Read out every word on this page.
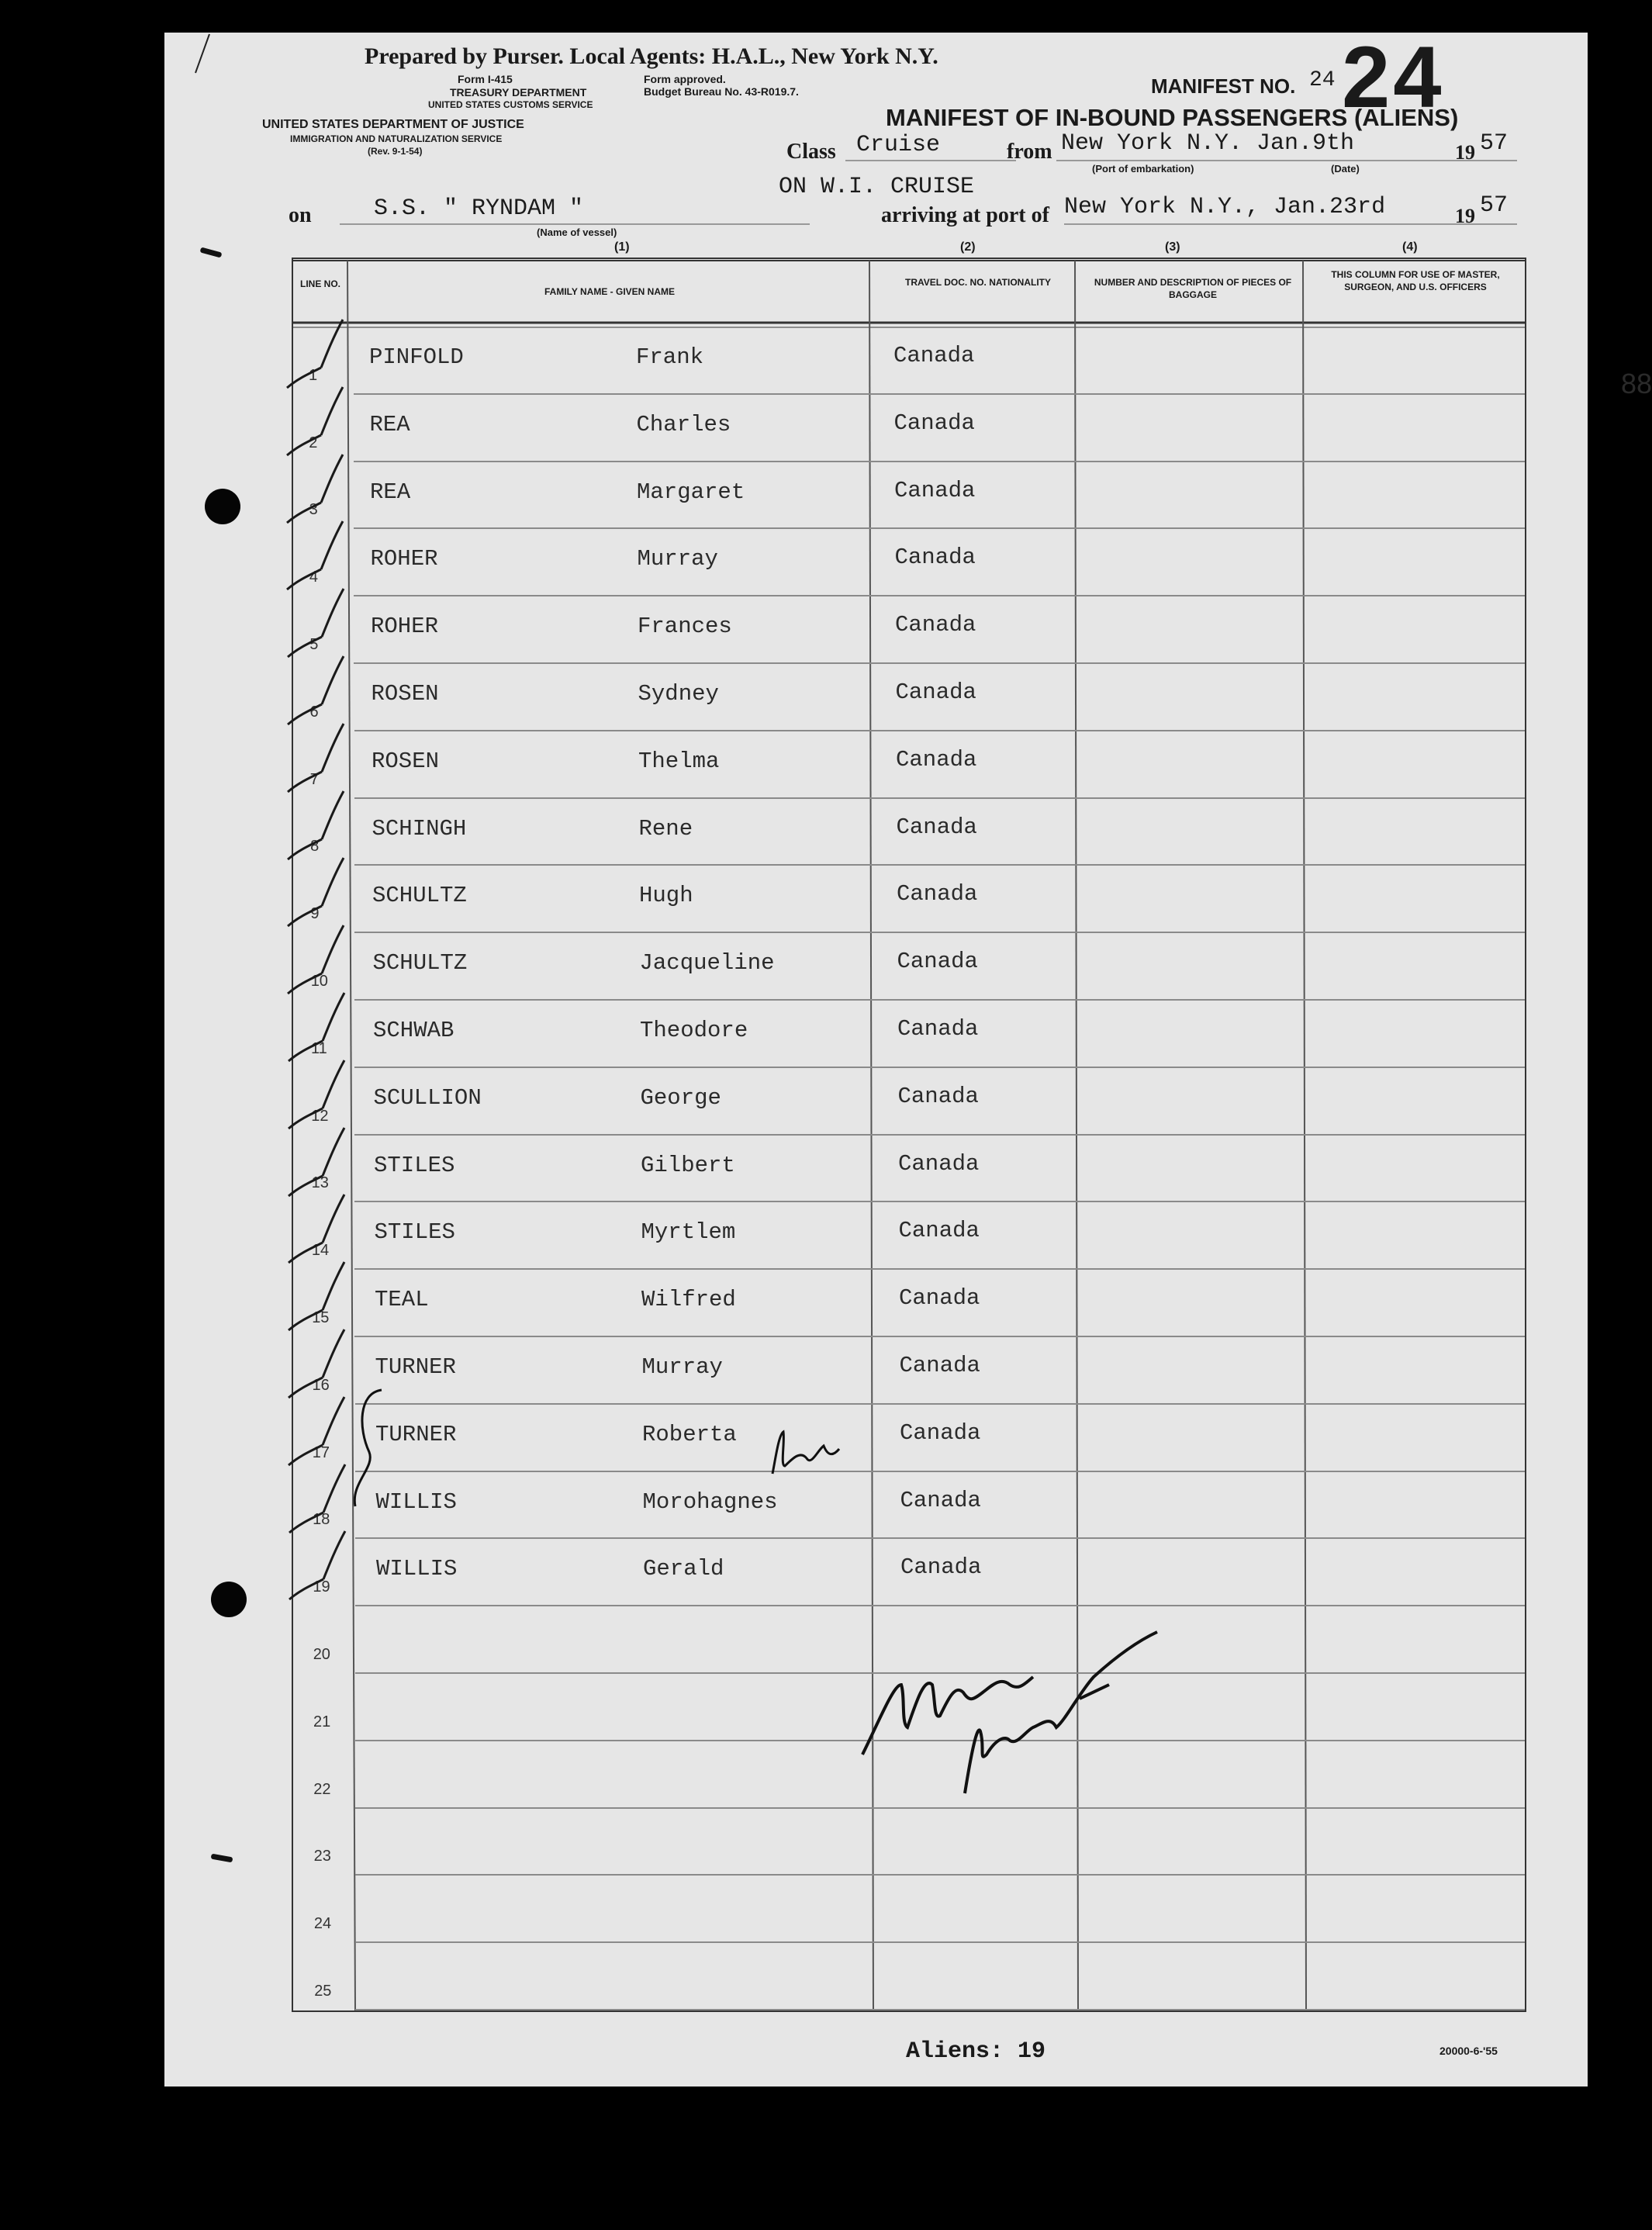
Prepared by Purser. Local Agents: H.A.L., New York N.Y.
Form I-415
TREASURY DEPARTMENT
UNITED STATES CUSTOMS SERVICE
UNITED STATES DEPARTMENT OF JUSTICE
IMMIGRATION AND NATURALIZATION SERVICE
(Rev. 9-1-54)
Form approved.
Budget Bureau No. 43-R019.7.	MANIFEST NO. 24 24
MANIFEST OF IN-BOUND PASSENGERS (ALIENS)
Class Cruise	from New York N.Y. Jan.9th
(Port of embarkation)	(Date)
19 57
ON W.I. CRUISE
on	S.S. " RYNDAM "
(Name of vessel)
arriving at port of New York N.Y., Jan.23rd	19 57
(1)	(2)	(3)	(4)
LINE NO.
FAMILY NAME - GIVEN NAME
TRAVEL DOC. NO. NATIONALITY	NUMBER AND DESCRIPTION OF PIECES OF BAGGAGE
THIS COLUMN FOR USE OF MASTER, SURGEON, AND U.S. OFFICERS
1
PINFOLD	Frank	Canada
2
REA	Charles	Canada
3
REA	Margaret	Canada
4
ROHER	Murray	Canada
5
ROHER	Frances	Canada
6
ROSEN	Sydney	Canada
7
ROSEN	Thelma	Canada
8
SCHINGH	Rene	Canada
9
SCHULTZ	Hugh	Canada
10
SCHULTZ	Jacqueline	Canada
11
SCHWAB	Theodore	Canada
12
SCULLION	George	Canada
13
STILES	Gilbert	Canada
14
STILES	Myrtlem	Canada
15
TEAL	Wilfred	Canada
16
TURNER	Murray	Canada
17
TURNER	Roberta	Canada
18
WILLIS	Morohagnes	Canada
19
WILLIS	Gerald	Canada
20
21
22
23
24
25
88
Aliens: 19	20000-6-'55
